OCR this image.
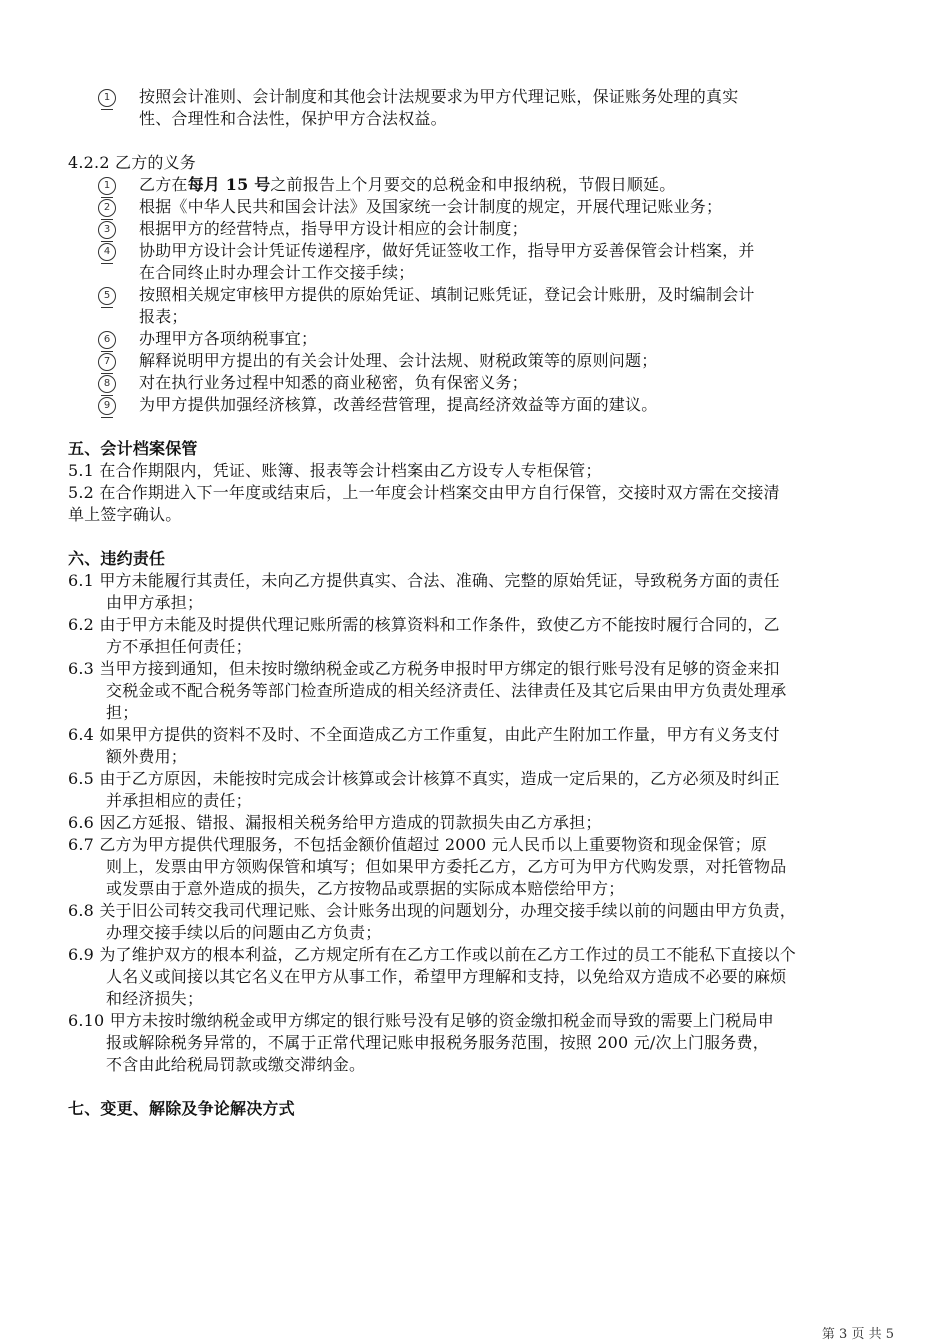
1	按照会计准则、会计制度和其他会计法规要求为甲方代理记账，保证账务处理的真实
性、合理性和合法性，保护甲方合法权益。
4.2.2 乙方的义务
1	乙方在每月 15 号之前报告上个月要交的总税金和申报纳税，节假日顺延。
2	根据《中华人民共和国会计法》及国家统一会计制度的规定，开展代理记账业务；
3	根据甲方的经营特点，指导甲方设计相应的会计制度；
4	协助甲方设计会计凭证传递程序，做好凭证签收工作，指导甲方妥善保管会计档案，并
在合同终止时办理会计工作交接手续；
5	按照相关规定审核甲方提供的原始凭证、填制记账凭证，登记会计账册，及时编制会计
报表；
6	办理甲方各项纳税事宜；
7	解释说明甲方提出的有关会计处理、会计法规、财税政策等的原则问题；
8	对在执行业务过程中知悉的商业秘密，负有保密义务；
9	为甲方提供加强经济核算，改善经营管理，提高经济效益等方面的建议。
五、会计档案保管
5.1 在合作期限内，凭证、账簿、报表等会计档案由乙方设专人专柜保管；
5.2 在合作期进入下一年度或结束后，上一年度会计档案交由甲方自行保管，交接时双方需在交接清
单上签字确认。
六、违约责任
6.1 甲方未能履行其责任，未向乙方提供真实、合法、准确、完整的原始凭证，导致税务方面的责任
由甲方承担；
6.2 由于甲方未能及时提供代理记账所需的核算资料和工作条件，致使乙方不能按时履行合同的，乙
方不承担任何责任；
6.3 当甲方接到通知，但未按时缴纳税金或乙方税务申报时甲方绑定的银行账号没有足够的资金来扣
交税金或不配合税务等部门检查所造成的相关经济责任、法律责任及其它后果由甲方负责处理承
担；
6.4 如果甲方提供的资料不及时、不全面造成乙方工作重复，由此产生附加工作量，甲方有义务支付
额外费用；
6.5 由于乙方原因，未能按时完成会计核算或会计核算不真实，造成一定后果的，乙方必须及时纠正
并承担相应的责任；
6.6 因乙方延报、错报、漏报相关税务给甲方造成的罚款损失由乙方承担；
6.7 乙方为甲方提供代理服务，不包括金额价值超过 2000 元人民币以上重要物资和现金保管；原
则上，发票由甲方领购保管和填写；但如果甲方委托乙方，乙方可为甲方代购发票，对托管物品
或发票由于意外造成的损失，乙方按物品或票据的实际成本赔偿给甲方；
6.8 关于旧公司转交我司代理记账、会计账务出现的问题划分，办理交接手续以前的问题由甲方负责，
办理交接手续以后的问题由乙方负责；
6.9 为了维护双方的根本利益，乙方规定所有在乙方工作或以前在乙方工作过的员工不能私下直接以个
人名义或间接以其它名义在甲方从事工作，希望甲方理解和支持，以免给双方造成不必要的麻烦
和经济损失；
6.10 甲方未按时缴纳税金或甲方绑定的银行账号没有足够的资金缴扣税金而导致的需要上门税局申
报或解除税务异常的，不属于正常代理记账申报税务服务范围，按照 200 元/次上门服务费，
不含由此给税局罚款或缴交滞纳金。
七、变更、解除及争论解决方式
第 3 页 共 5
